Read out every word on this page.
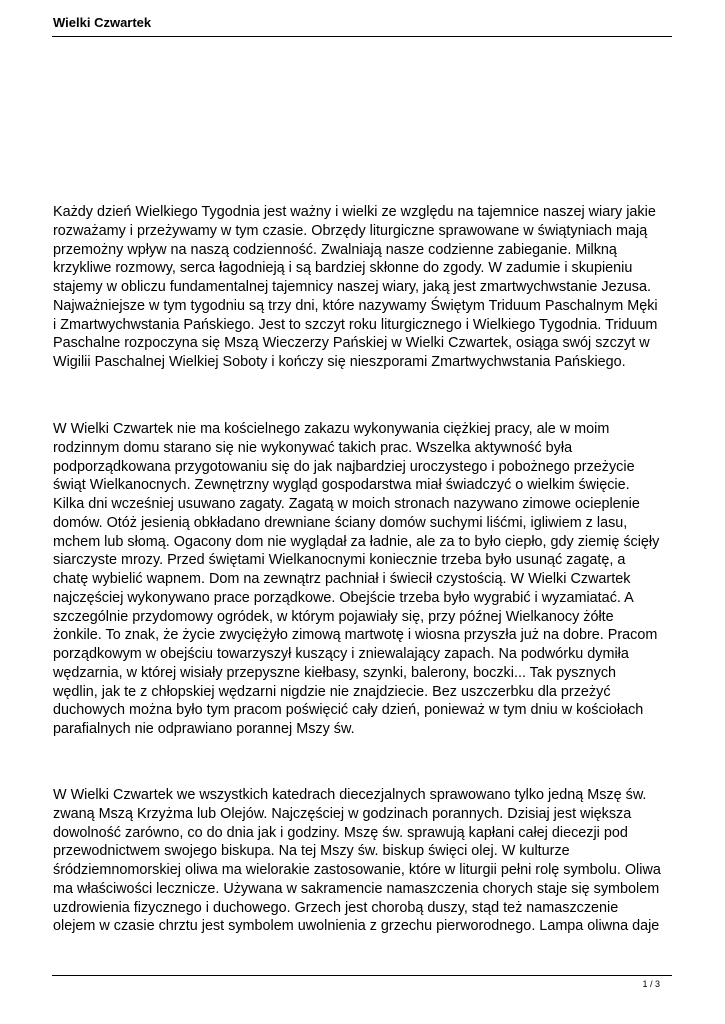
Wielki Czwartek
Każdy dzień Wielkiego Tygodnia jest ważny i wielki ze względu na tajemnice naszej wiary jakie
rozważamy i przeżywamy w tym czasie. Obrzędy liturgiczne sprawowane w świątyniach mają
przemożny wpływ na naszą codzienność. Zwalniają nasze codzienne zabieganie. Milkną
krzykliwe rozmowy, serca łagodnieją i są bardziej skłonne do zgody. W zadumie i skupieniu
stajemy w obliczu fundamentalnej tajemnicy naszej wiary, jaką jest zmartwychwstanie Jezusa.
Najważniejsze w tym tygodniu są trzy dni, które nazywamy Świętym Triduum Paschalnym Męki
i Zmartwychwstania Pańskiego. Jest to szczyt roku liturgicznego i Wielkiego Tygodnia. Triduum
Paschalne rozpoczyna się Mszą Wieczerzy Pańskiej w Wielki Czwartek, osiąga swój szczyt w
Wigilii Paschalnej Wielkiej Soboty i kończy się nieszporami Zmartwychwstania Pańskiego.
W Wielki Czwartek nie ma kościelnego zakazu wykonywania ciężkiej pracy, ale w moim
rodzinnym domu starano się nie wykonywać takich prac. Wszelka aktywność była
podporządkowana przygotowaniu się do jak najbardziej uroczystego i pobożnego przeżycie
świąt Wielkanocnych. Zewnętrzny wygląd gospodarstwa miał świadczyć o wielkim święcie.
Kilka dni wcześniej usuwano zagaty. Zagatą w moich stronach nazywano zimowe ocieplenie
domów. Otóż jesienią obkładano drewniane ściany domów suchymi liśćmi, igliwiem z lasu,
mchem lub słomą. Ogacony dom nie wyglądał za ładnie, ale za to było ciepło, gdy ziemię ścięły
siarczyste mrozy. Przed świętami Wielkanocnymi koniecznie trzeba było usunąć zagatę, a
chatę wybielić wapnem. Dom na zewnątrz pachniał i świecił czystością. W Wielki Czwartek
najczęściej wykonywano prace porządkowe. Obejście trzeba było wygrabić i wyzamiatać. A
szczególnie przydomowy ogródek, w którym pojawiały się, przy późnej Wielkanocy żółte
żonkile. To znak, że życie zwyciężyło zimową martwotę i wiosna przyszła już na dobre. Pracom
porządkowym w obejściu towarzyszył kuszący i zniewalający zapach. Na podwórku dymiła
wędzarnia, w której wisiały przepyszne kiełbasy, szynki, balerony, boczki... Tak pysznych
wędlin, jak te z chłopskiej wędzarni nigdzie nie znajdziecie. Bez uszczerbku dla przeżyć
duchowych można było tym pracom poświęcić cały dzień, ponieważ w tym dniu w kościołach
parafialnych nie odprawiano porannej Mszy św.
W Wielki Czwartek we wszystkich katedrach diecezjalnych sprawowano tylko jedną Mszę św.
zwaną Mszą Krzyżma lub Olejów. Najczęściej w godzinach porannych. Dzisiaj jest większa
dowolność zarówno, co do dnia jak i godziny. Mszę św. sprawują kapłani całej diecezji pod
przewodnictwem swojego biskupa. Na tej Mszy św. biskup święci olej. W kulturze
śródziemnomorskiej oliwa ma wielorakie zastosowanie, które w liturgii pełni rolę symbolu. Oliwa
ma właściwości lecznicze. Używana w sakramencie namaszczenia chorych staje się symbolem
uzdrowienia fizycznego i duchowego. Grzech jest chorobą duszy, stąd też namaszczenie
olejem w czasie chrztu jest symbolem uwolnienia z grzechu pierworodnego. Lampa oliwna daje
1 / 3
